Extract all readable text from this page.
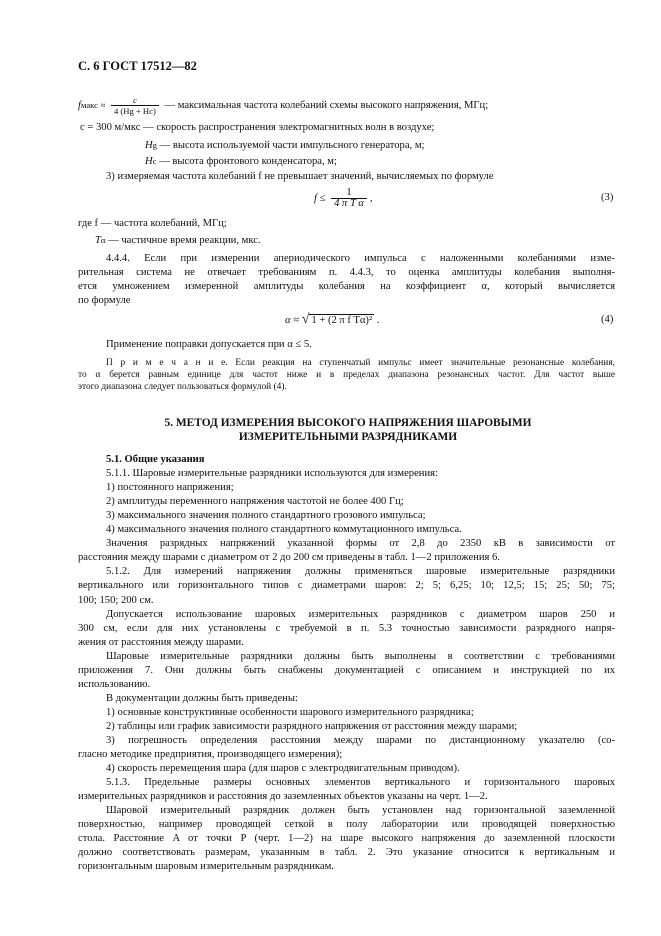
С. 6 ГОСТ 17512—82
fмакс ≈ $\frac{c}{4 (Hg + Hc)}$ — максимальная частота колебаний схемы высокого напряжения, МГц;
c = 300 м/мкс — скорость распространения электромагнитных волн в воздухе;
Hg — высота используемой части импульсного генератора, м;
Hc — высота фронтового конденсатора, м;
3) измеряемая частота колебаний f не превышает значений, вычисляемых по формуле
$f \le \frac{1}{\text{4 π T α}}$ ,	(3)
где f — частота колебаний, МГц;
Tα — частичное время реакции, мкс.
4.4.4. Если при измерении апериодического импульса с наложенными колебаниями изме-
рительная система не отвечает требованиям п. 4.4.3, то оценка амплитуды колебания выполня-
ется умножением измеренной амплитуды колебания на коэффициент α, который вычисляется
по формуле
α ≈ √ 1 + (2 π f Tα)² .	(4)
Применение поправки допускается при α ≤ 5.
П р и м е ч а н и е. Если реакция на ступенчатый импульс имеет значительные резонансные колебания,
то α берется равным единице для частот ниже и в пределах диапазона резонансных частот. Для частот выше
этого диапазона следует пользоваться формулой (4).
5. МЕТОД ИЗМЕРЕНИЯ ВЫСОКОГО НАПРЯЖЕНИЯ ШАРОВЫМИ
ИЗМЕРИТЕЛЬНЫМИ РАЗРЯДНИКАМИ
5.1. Общие указания
5.1.1. Шаровые измерительные разрядники используются для измерения:
1) постоянного напряжения;
2) амплитуды переменного напряжения частотой не более 400 Гц;
3) максимального значения полного стандартного грозового импульса;
4) максимального значения полного стандартного коммутационного импульса.
Значения разрядных напряжений указанной формы от 2,8 до 2350 кВ в зависимости от
расстояния между шарами с диаметром от 2 до 200 см приведены в табл. 1—2 приложения 6.
5.1.2. Для измерений напряжения должны применяться шаровые измерительные разрядники
вертикального или горизонтального типов с диаметрами шаров: 2; 5; 6,25; 10; 12,5; 15; 25; 50; 75;
100; 150; 200 см.
Допускается использование шаровых измерительных разрядников с диаметром шаров 250 и
300 см, если для них установлены с требуемой в п. 5.3 точностью зависимости разрядного напря-
жения от расстояния между шарами.
Шаровые измерительные разрядники должны быть выполнены в соответствии с требованиями
приложения 7. Они должны быть снабжены документацией с описанием и инструкцией по их
использованию.
В документации должны быть приведены:
1) основные конструктивные особенности шарового измерительного разрядника;
2) таблицы или график зависимости разрядного напряжения от расстояния между шарами;
3) погрешность определения расстояния между шарами по дистанционному указателю (со-
гласно методике предприятия, производящего измерения);
4) скорость перемещения шара (для шаров с электродвигательным приводом).
5.1.3. Предельные размеры основных элементов вертикального и горизонтального шаровых
измерительных разрядников и расстояния до заземленных объектов указаны на черт. 1—2.
Шаровой измерительный разрядник должен быть установлен над горизонтальной заземленной
поверхностью, например проводящей сеткой в полу лаборатории или проводящей поверхностью
стола. Расстояние A от точки P (черт. 1—2) на шаре высокого напряжения до заземленной плоскости
должно соответствовать размерам, указанным в табл. 2. Это указание относится к вертикальным и
горизонтальным шаровым измерительным разрядникам.
